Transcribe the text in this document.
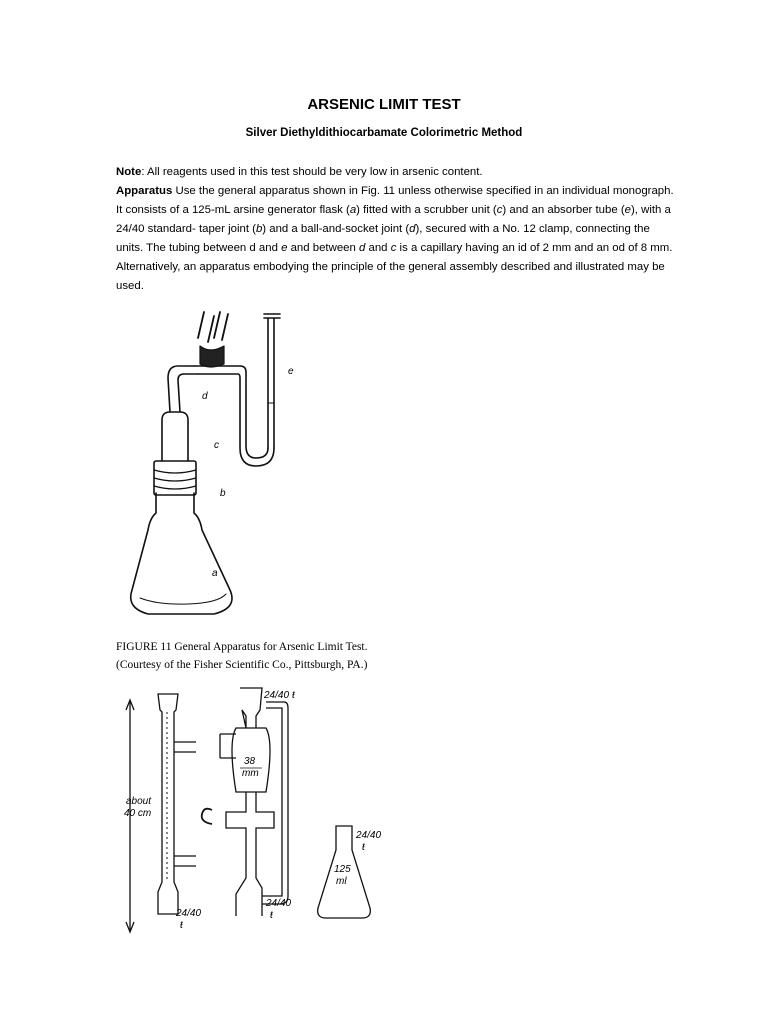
ARSENIC LIMIT TEST
Silver Diethyldithiocarbamate Colorimetric Method
Note: All reagents used in this test should be very low in arsenic content.
Apparatus Use the general apparatus shown in Fig. 11 unless otherwise specified in an individual monograph. It consists of a 125-mL arsine generator flask (a) fitted with a scrubber unit (c) and an absorber tube (e), with a 24/40 standard- taper joint (b) and a ball-and-socket joint (d), secured with a No. 12 clamp, connecting the units. The tubing between d and e and between d and c is a capillary having an id of 2 mm and an od of 8 mm. Alternatively, an apparatus embodying the principle of the general assembly described and illustrated may be used.
d
e
c
b
a
FIGURE 11 General Apparatus for Arsenic Limit Test.
(Courtesy of the Fisher Scientific Co., Pittsburgh, PA.)
about
40 cm
24/40 ŧ
38
mm
24/40
ŧ
24/40
ŧ
24/40
ŧ
125
ml
